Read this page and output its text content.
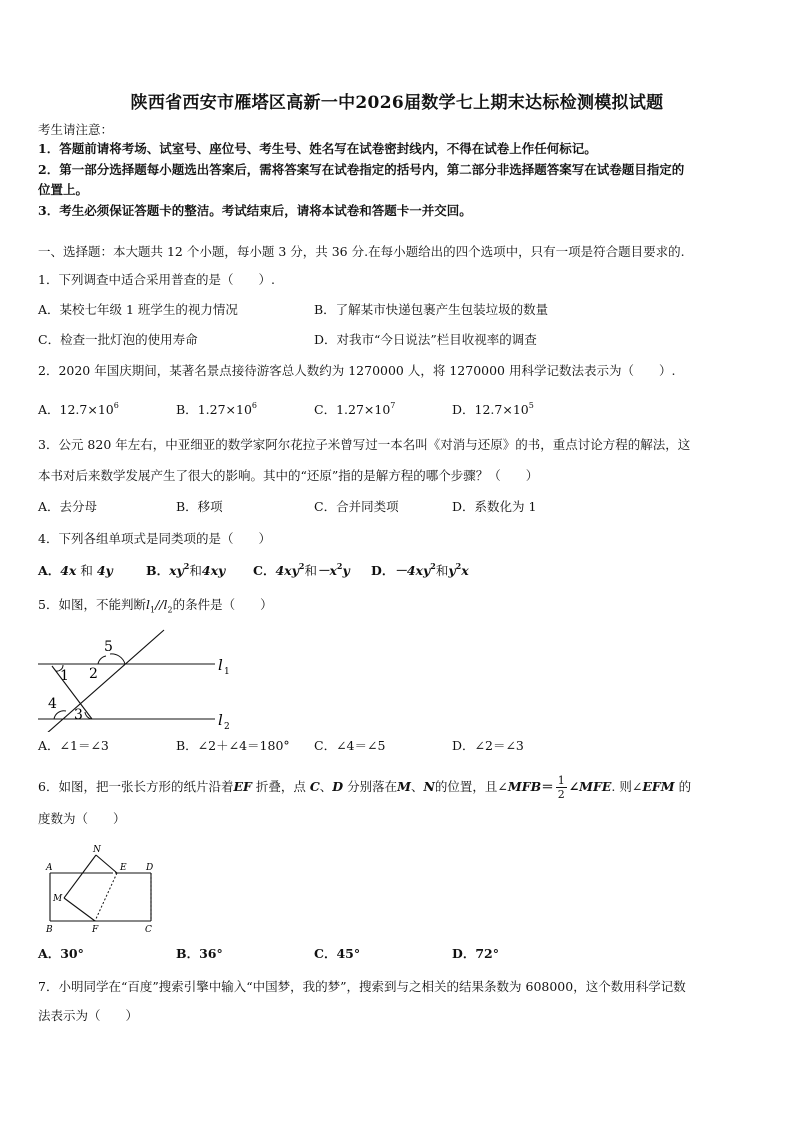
陕西省西安市雁塔区高新一中2026届数学七上期末达标检测模拟试题
考生请注意：
1．答题前请将考场、试室号、座位号、考生号、姓名写在试卷密封线内，不得在试卷上作任何标记。
2．第一部分选择题每小题选出答案后，需将答案写在试卷指定的括号内，第二部分非选择题答案写在试卷题目指定的
位置上。
3．考生必须保证答题卡的整洁。考试结束后，请将本试卷和答题卡一并交回。
一、选择题：本大题共 12 个小题，每小题 3 分，共 36 分.在每小题给出的四个选项中，只有一项是符合题目要求的.
1．下列调查中适合采用普查的是（　　）.
A．某校七年级 1 班学生的视力情况	B．了解某市快递包裹产生包装垃圾的数量
C．检查一批灯泡的使用寿命	D．对我市“今日说法”栏目收视率的调查
2．2020 年国庆期间，某著名景点接待游客总人数约为 1270000 人，将 1270000 用科学记数法表示为（　　）.
A．$12.7\times 10^6$	B．$1.27\times 10^6$	C．$1.27\times 10^7$	D．$12.7\times 10^5$
3．公元 820 年左右，中亚细亚的数学家阿尔花拉子米曾写过一本名叫《对消与还原》的书，重点讨论方程的解法，这
本书对后来数学发展产生了很大的影响。其中的“还原”指的是解方程的哪个步骤？（　　）
A．去分母	B．移项	C．合并同类项	D．系数化为 1
4．下列各组单项式是同类项的是（　　）
A．4x 和 4y	B．$xy^2$和4xy C．$4xy^2$和$-x^2y$ D．$-4xy^2$和$y^2x$
5．如图，不能判断$l_1//l_2$的条件是（　　）
1 2
3
4
5
l 1
l 2
A．∠1＝∠3	B．∠2＋∠4＝180° C．∠4＝∠5	D．∠2＝∠3
6．如图，把一张长方形的纸片沿着EF 折叠，点 C、D 分别落在M、N的位置，且∠MFB＝ $\frac{1}{2}$ ∠MFE. 则∠EFM 的
度数为（　　）
A
N
E D
M
B	F	C
A．30°	B．36°	C．45°	D．72°
7．小明同学在“百度”搜索引擎中输入“中国梦，我的梦”，搜索到与之相关的结果条数为 608000，这个数用科学记数
法表示为（　　）
